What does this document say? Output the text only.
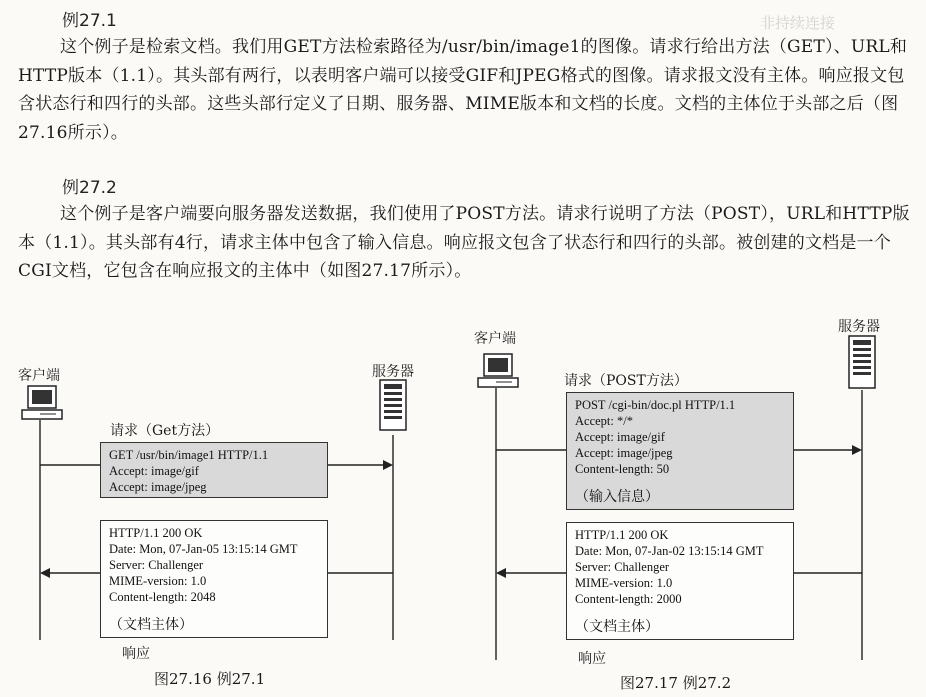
非持续连接
例27.1
这个例子是检索文档。我们用GET方法检索路径为/usr/bin/image1的图像。请求行给出方法（GET）、URL和HTTP版本（1.1）。其头部有两行，以表明客户端可以接受GIF和JPEG格式的图像。请求报文没有主体。响应报文包含状态行和四行的头部。这些头部行定义了日期、服务器、MIME版本和文档的长度。文档的主体位于头部之后（图27.16所示）。
例27.2
这个例子是客户端要向服务器发送数据，我们使用了POST方法。请求行说明了方法（POST），URL和HTTP版本（1.1）。其头部有4行，请求主体中包含了输入信息。响应报文包含了状态行和四行的头部。被创建的文档是一个CGI文档，它包含在响应报文的主体中（如图27.17所示）。
客户端	服务器
请求（Get方法）
GET /usr/bin/image1 HTTP/1.1
Accept: image/gif
Accept: image/jpeg
HTTP/1.1 200 OK
Date: Mon, 07-Jan-05 13:15:14 GMT
Server: Challenger
MIME-version: 1.0
Content-length: 2048
（文档主体）
响应
图27.16 例27.1
客户端
服务器
请求（POST方法）
POST /cgi-bin/doc.pl HTTP/1.1
Accept: */*
Accept: image/gif
Accept: image/jpeg
Content-length: 50
（输入信息）
HTTP/1.1 200 OK
Date: Mon, 07-Jan-02 13:15:14 GMT
Server: Challenger
MIME-version: 1.0
Content-length: 2000
（文档主体）
响应
图27.17 例27.2
